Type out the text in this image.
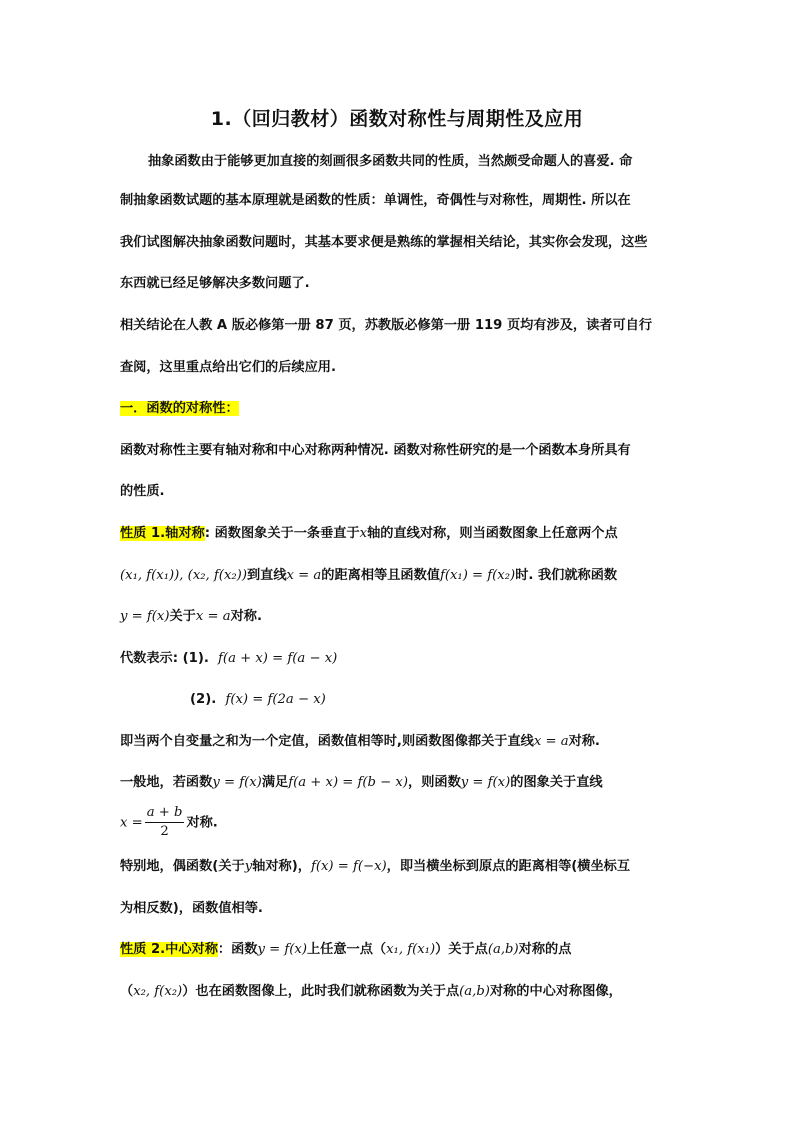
1.（回归教材）函数对称性与周期性及应用
抽象函数由于能够更加直接的刻画很多函数共同的性质，当然颇受命题人的喜爱. 命
制抽象函数试题的基本原理就是函数的性质：单调性，奇偶性与对称性，周期性. 所以在
我们试图解决抽象函数问题时，其基本要求便是熟练的掌握相关结论，其实你会发现，这些
东西就已经足够解决多数问题了.
相关结论在人教 A 版必修第一册 87 页，苏教版必修第一册 119 页均有涉及，读者可自行
查阅，这里重点给出它们的后续应用.
一．函数的对称性：
函数对称性主要有轴对称和中心对称两种情况. 函数对称性研究的是一个函数本身所具有
的性质.
性质 1.轴对称: 函数图象关于一条垂直于x轴的直线对称，则当函数图象上任意两个点
(x₁, f(x₁)), (x₂, f(x₂))到直线x = a的距离相等且函数值f(x₁) = f(x₂)时. 我们就称函数
y = f(x)关于x = a对称.
代数表示: (1). f(a + x) = f(a − x)
(2). f(x) = f(2a − x)
即当两个自变量之和为一个定值，函数值相等时,则函数图像都关于直线x = a对称.
一般地，若函数y = f(x)满足f(a + x) = f(b − x)，则函数y = f(x)的图象关于直线
$x = \frac{a + b}{2}$ 对称.
特别地，偶函数(关于y轴对称)，f(x) = f(−x)，即当横坐标到原点的距离相等(横坐标互
为相反数)，函数值相等.
性质 2.中心对称：函数y = f(x)上任意一点（x₁, f(x₁)）关于点(a,b)对称的点
（x₂, f(x₂)）也在函数图像上，此时我们就称函数为关于点(a,b)对称的中心对称图像，
